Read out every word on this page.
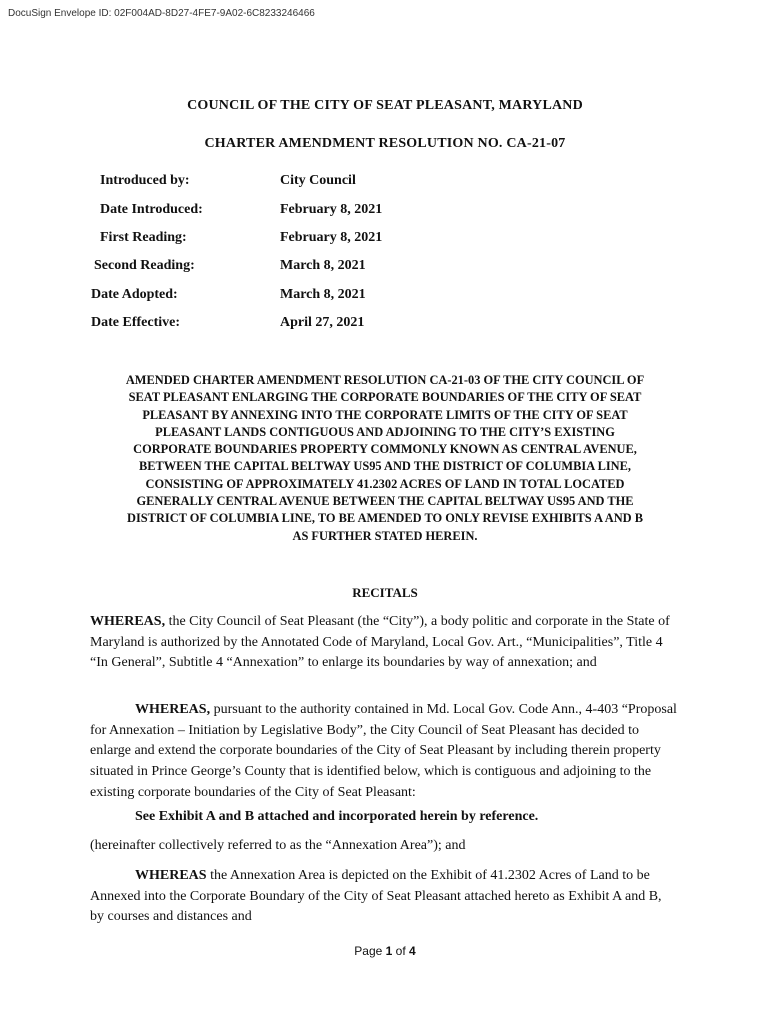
DocuSign Envelope ID: 02F004AD-8D27-4FE7-9A02-6C8233246466
COUNCIL OF THE CITY OF SEAT PLEASANT, MARYLAND
CHARTER AMENDMENT RESOLUTION NO. CA-21-07
Introduced by:	City Council
Date Introduced:	February 8, 2021
First Reading:	February 8, 2021
Second Reading:	March 8, 2021
Date Adopted:	March 8, 2021
Date Effective:	April 27, 2021
AMENDED CHARTER AMENDMENT RESOLUTION CA-21-03 OF THE CITY COUNCIL OF
SEAT PLEASANT ENLARGING THE CORPORATE BOUNDARIES OF THE CITY OF SEAT
PLEASANT BY ANNEXING INTO THE CORPORATE LIMITS OF THE CITY OF SEAT
PLEASANT LANDS CONTIGUOUS AND ADJOINING TO THE CITY’S EXISTING
CORPORATE BOUNDARIES PROPERTY COMMONLY KNOWN AS CENTRAL AVENUE,
BETWEEN THE CAPITAL BELTWAY US95 AND THE DISTRICT OF COLUMBIA LINE,
CONSISTING OF APPROXIMATELY 41.2302 ACRES OF LAND IN TOTAL LOCATED
GENERALLY CENTRAL AVENUE BETWEEN THE CAPITAL BELTWAY US95 AND THE
DISTRICT OF COLUMBIA LINE, TO BE AMENDED TO ONLY REVISE EXHIBITS A AND B
AS FURTHER STATED HEREIN.
RECITALS
WHEREAS, the City Council of Seat Pleasant (the “City”), a body politic and corporate in the State of Maryland is authorized by the Annotated Code of Maryland, Local Gov. Art., “Municipalities”, Title 4 “In General”, Subtitle 4 “Annexation” to enlarge its boundaries by way of annexation; and
WHEREAS, pursuant to the authority contained in Md. Local Gov. Code Ann., 4-403 “Proposal for Annexation – Initiation by Legislative Body”, the City Council of Seat Pleasant has decided to enlarge and extend the corporate boundaries of the City of Seat Pleasant by including therein property situated in Prince George’s County that is identified below, which is contiguous and adjoining to the existing corporate boundaries of the City of Seat Pleasant:
See Exhibit A and B attached and incorporated herein by reference.
(hereinafter collectively referred to as the “Annexation Area”); and
WHEREAS the Annexation Area is depicted on the Exhibit of 41.2302 Acres of Land to be Annexed into the Corporate Boundary of the City of Seat Pleasant attached hereto as Exhibit A and B, by courses and distances and
Page 1 of 4
